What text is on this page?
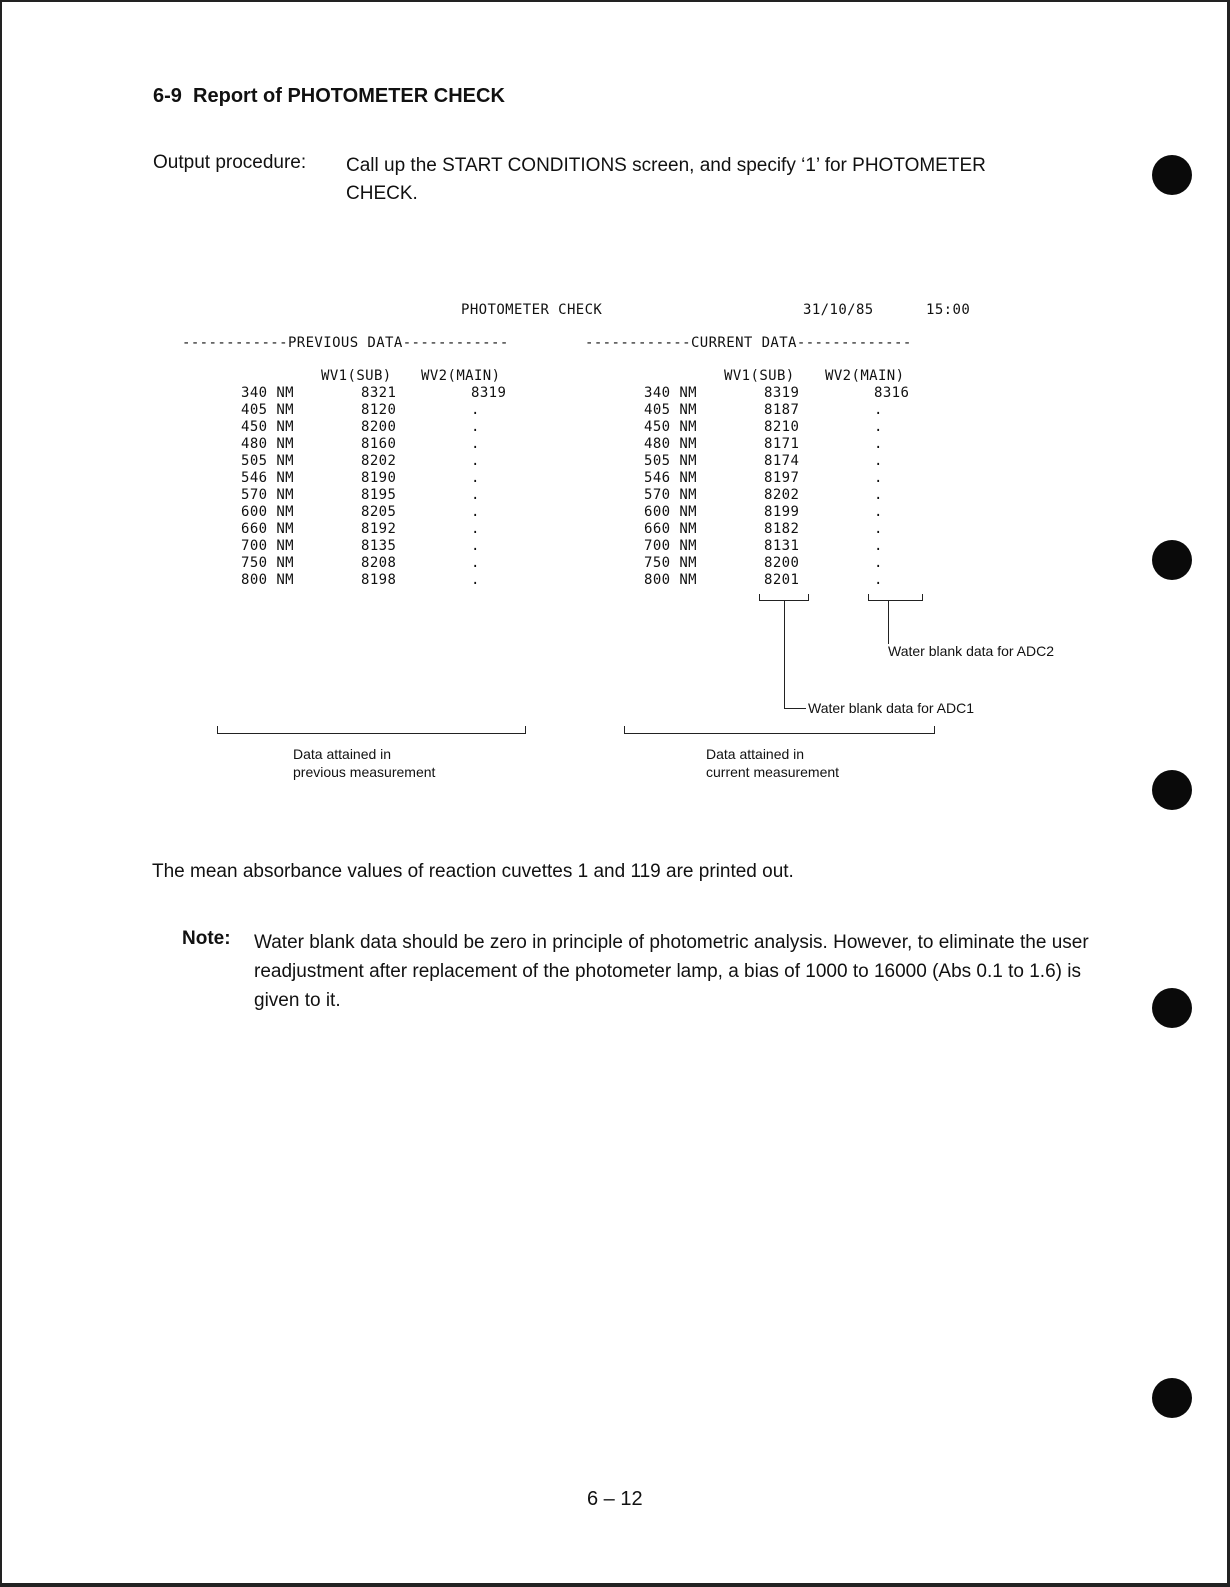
6-9 Report of PHOTOMETER CHECK
Output procedure: Call up the START CONDITIONS screen, and specify ‘1’ for PHOTOMETER
CHECK.
PHOTOMETER CHECK	31/10/85	15:00
------------PREVIOUS DATA------------	------------CURRENT DATA-------------
WV1(SUB) WV2(MAIN)	WV1(SUB) WV2(MAIN)
340 NM	8321	8319
405 NM	8120	.
450 NM	8200	.
480 NM	8160	.
505 NM	8202	.
546 NM	8190	.
570 NM	8195	.
600 NM	8205	.
660 NM	8192	.
700 NM	8135	.
750 NM	8208	.
800 NM	8198	.
340 NM	8319	8316
405 NM	8187	.
450 NM	8210	.
480 NM	8171	.
505 NM	8174	.
546 NM	8197	.
570 NM	8202	.
600 NM	8199	.
660 NM	8182	.
700 NM	8131	.
750 NM	8200	.
800 NM	8201	.
Water blank data for ADC1
Water blank data for ADC2
Data attained in
previous measurement
Data attained in
current measurement
The mean absorbance values of reaction cuvettes 1 and 119 are printed out.
Note: Water blank data should be zero in principle of photometric analysis. However, to eliminate the user readjustment after replacement of the photometer lamp, a bias of 1000 to 16000 (Abs 0.1 to 1.6) is given to it.
6 – 12
